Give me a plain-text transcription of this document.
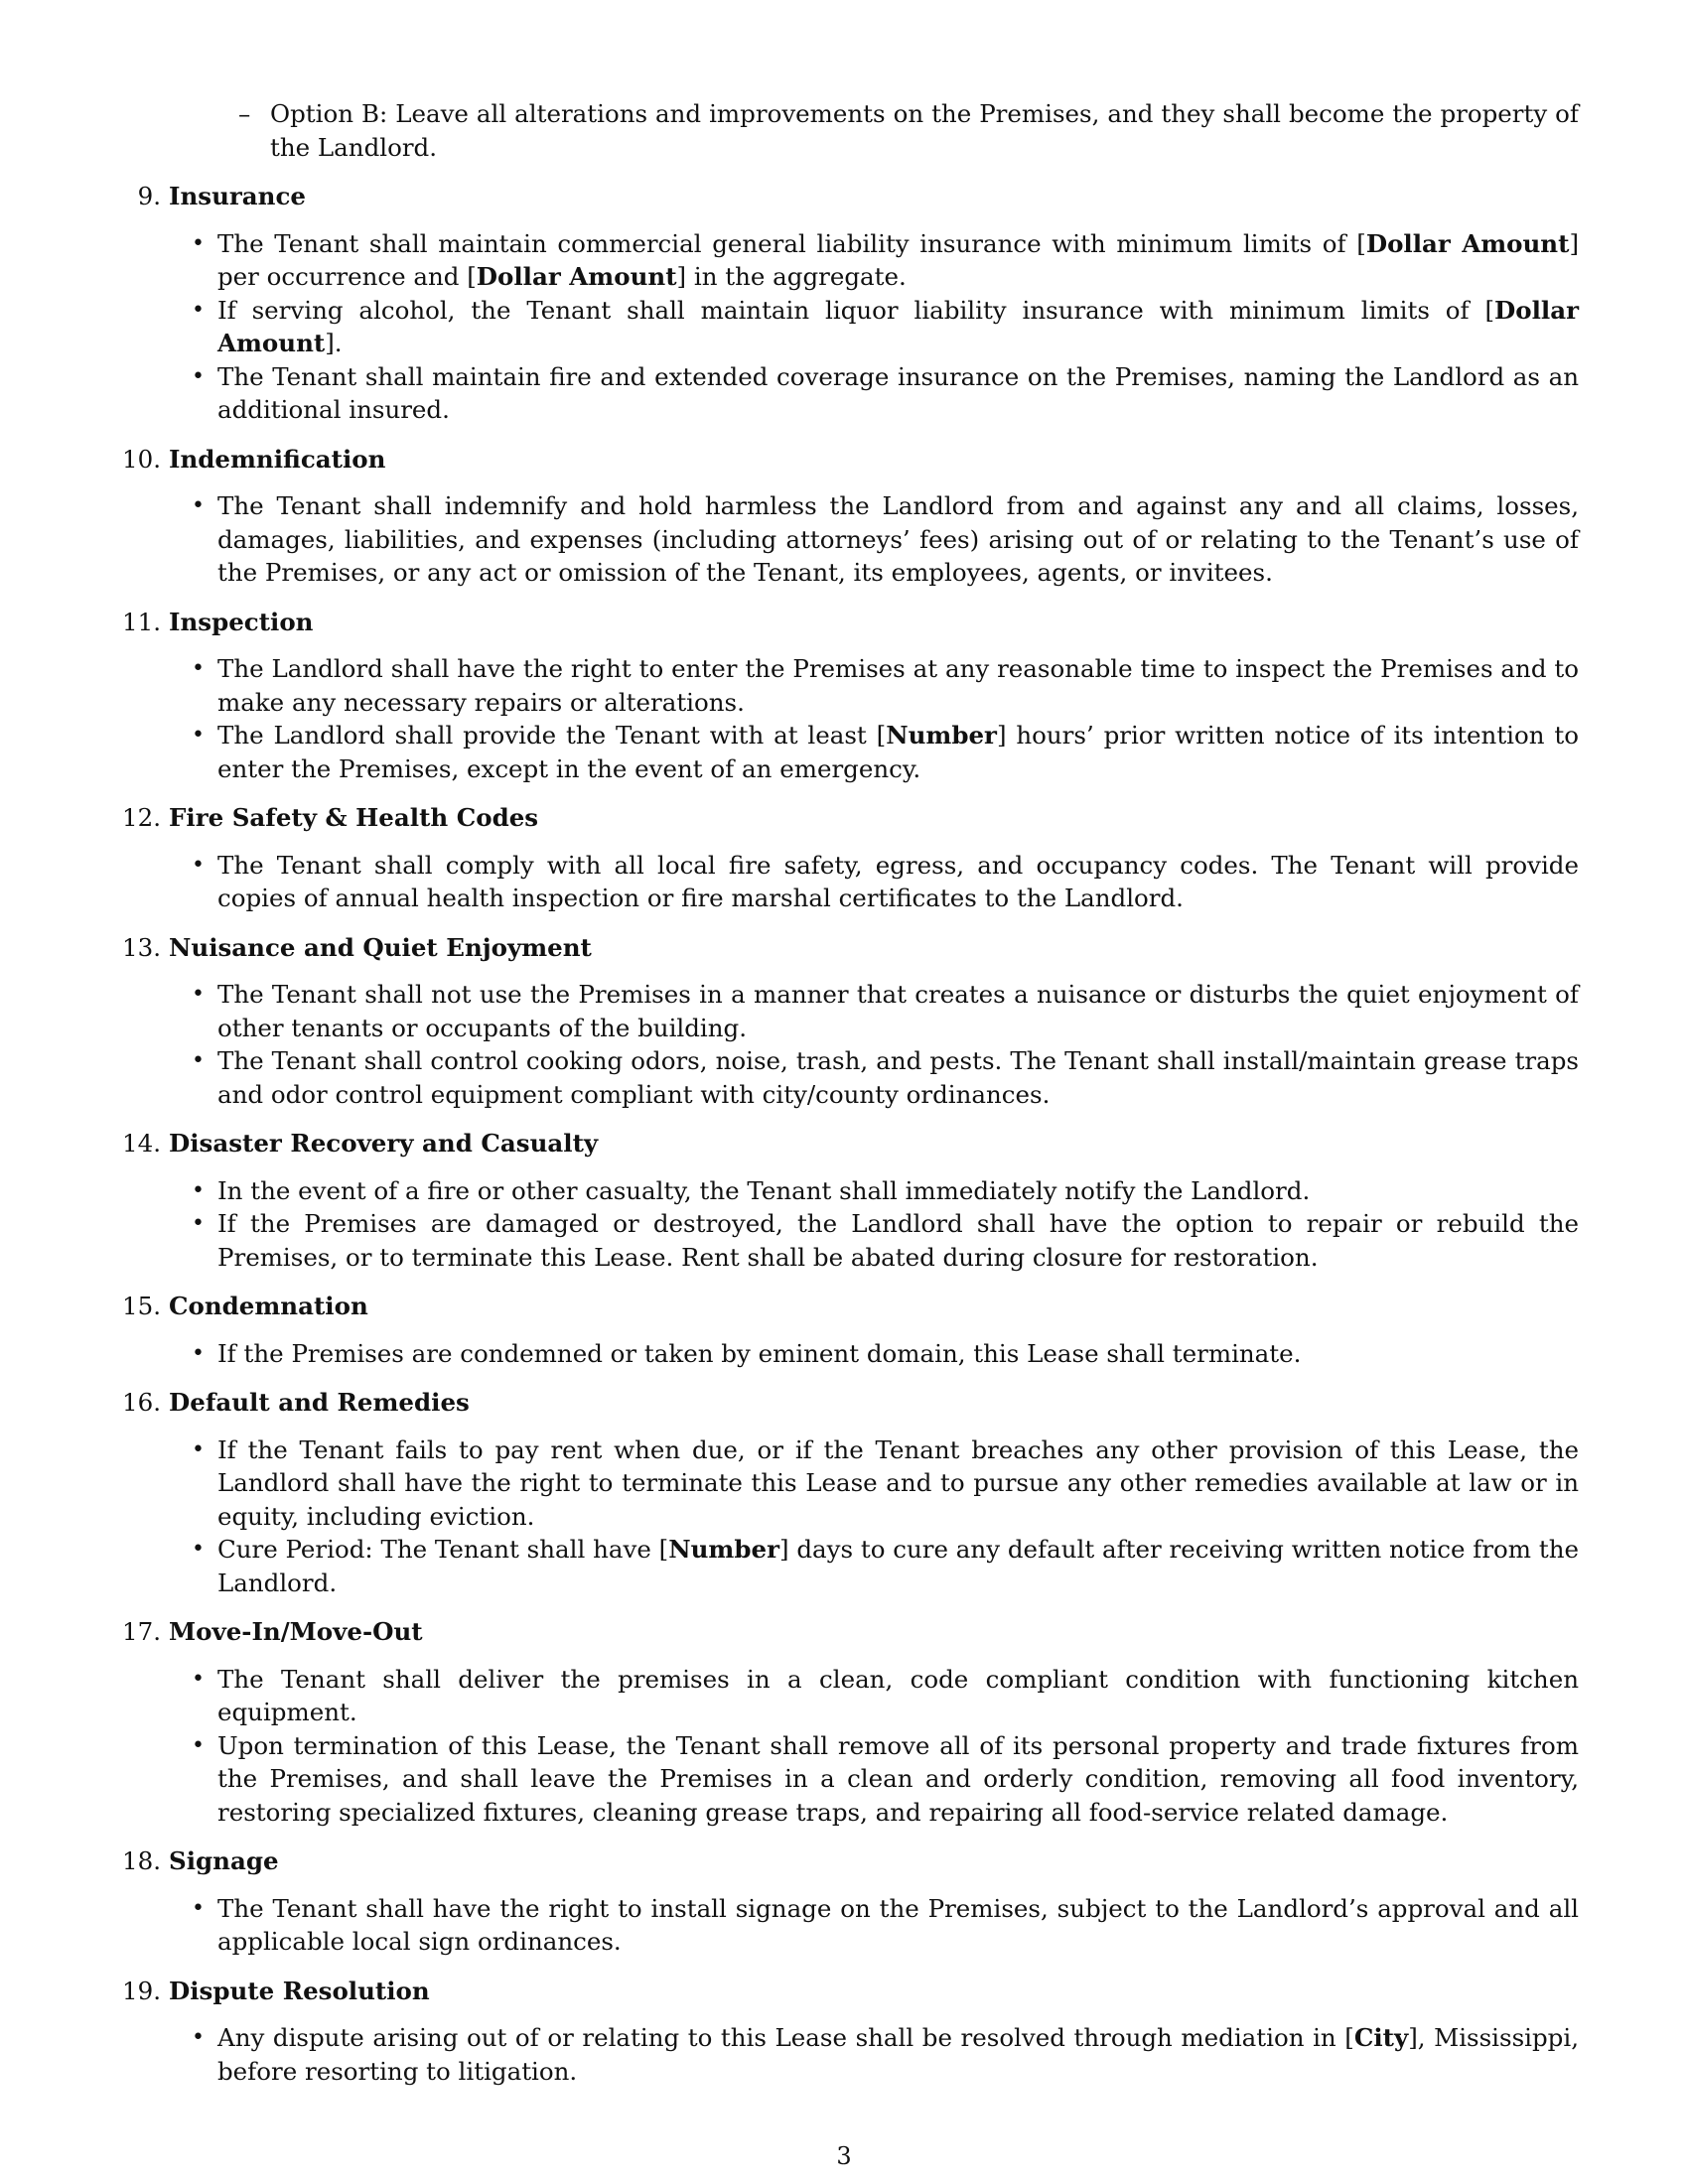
– Option B: Leave all alterations and improvements on the Premises, and they shall become the property of the Landlord.
9. Insurance
• The Tenant shall maintain commercial general liability insurance with minimum limits of [Dollar Amount] per occurrence and [Dollar Amount] in the aggregate.
• If serving alcohol, the Tenant shall maintain liquor liability insurance with minimum limits of [Dollar Amount].
• The Tenant shall maintain fire and extended coverage insurance on the Premises, naming the Landlord as an additional insured.
10. Indemnification
• The Tenant shall indemnify and hold harmless the Landlord from and against any and all claims, losses, damages, liabilities, and expenses (including attorneys’ fees) arising out of or relating to the Tenant’s use of the Premises, or any act or omission of the Tenant, its employees, agents, or invitees.
11. Inspection
• The Landlord shall have the right to enter the Premises at any reasonable time to inspect the Premises and to make any necessary repairs or alterations.
• The Landlord shall provide the Tenant with at least [Number] hours’ prior written notice of its intention to enter the Premises, except in the event of an emergency.
12. Fire Safety & Health Codes
• The Tenant shall comply with all local fire safety, egress, and occupancy codes. The Tenant will provide copies of annual health inspection or fire marshal certificates to the Landlord.
13. Nuisance and Quiet Enjoyment
• The Tenant shall not use the Premises in a manner that creates a nuisance or disturbs the quiet enjoyment of other tenants or occupants of the building.
• The Tenant shall control cooking odors, noise, trash, and pests. The Tenant shall install/maintain grease traps and odor control equipment compliant with city/county ordinances.
14. Disaster Recovery and Casualty
• In the event of a fire or other casualty, the Tenant shall immediately notify the Landlord.
• If the Premises are damaged or destroyed, the Landlord shall have the option to repair or rebuild the Premises, or to terminate this Lease. Rent shall be abated during closure for restoration.
15. Condemnation
• If the Premises are condemned or taken by eminent domain, this Lease shall terminate.
16. Default and Remedies
• If the Tenant fails to pay rent when due, or if the Tenant breaches any other provision of this Lease, the Landlord shall have the right to terminate this Lease and to pursue any other remedies available at law or in equity, including eviction.
• Cure Period: The Tenant shall have [Number] days to cure any default after receiving written notice from the Landlord.
17. Move-In/Move-Out
• The Tenant shall deliver the premises in a clean, code compliant condition with functioning kitchen equipment.
• Upon termination of this Lease, the Tenant shall remove all of its personal property and trade fixtures from the Premises, and shall leave the Premises in a clean and orderly condition, removing all food inventory, restoring specialized fixtures, cleaning grease traps, and repairing all food-service related damage.
18. Signage
• The Tenant shall have the right to install signage on the Premises, subject to the Landlord’s approval and all applicable local sign ordinances.
19. Dispute Resolution
• Any dispute arising out of or relating to this Lease shall be resolved through mediation in [City], Mississippi, before resorting to litigation.
3
